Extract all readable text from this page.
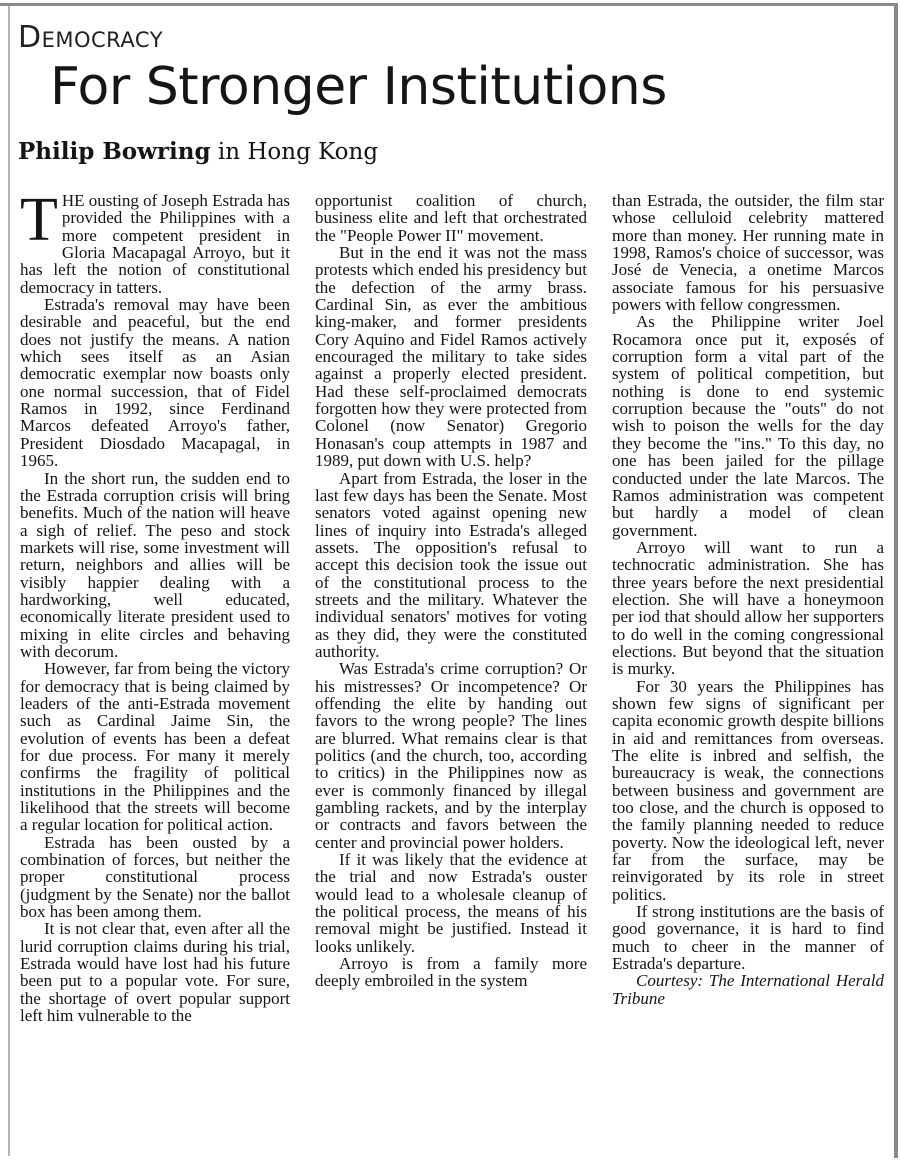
Democracy
For Stronger Institutions
Philip Bowring in Hong Kong

THE ousting of Joseph Estrada has provided the Philippines with a more competent president in Gloria Macapagal Arroyo, but it has left the notion of constitutional democracy in tatters.

Estrada's removal may have been desirable and peaceful, but the end does not justify the means. A nation which sees itself as an Asian democratic exemplar now boasts only one normal succession, that of Fidel Ramos in 1992, since Ferdinand Marcos defeated Arroyo's father, President Diosdado Macapagal, in 1965.

In the short run, the sudden end to the Estrada corruption crisis will bring benefits. Much of the nation will heave a sigh of relief. The peso and stock markets will rise, some investment will return, neighbors and allies will be visibly happier dealing with a hardworking, well educated, economically literate president used to mixing in elite circles and behaving with decorum.

However, far from being the victory for democracy that is being claimed by leaders of the anti-Estrada movement such as Cardinal Jaime Sin, the evolution of events has been a defeat for due process. For many it merely confirms the fragility of political institutions in the Philippines and the likelihood that the streets will become a regular location for political action.

Estrada has been ousted by a combination of forces, but neither the proper constitutional process (judgment by the Senate) nor the ballot box has been among them.

It is not clear that, even after all the lurid corruption claims during his trial, Estrada would have lost had his future been put to a popular vote. For sure, the shortage of overt popular support left him vulnerable to the

opportunist coalition of church, business elite and left that orchestrated the "People Power II" movement.

But in the end it was not the mass protests which ended his presidency but the defection of the army brass. Cardinal Sin, as ever the ambitious king-maker, and former presidents Cory Aquino and Fidel Ramos actively encouraged the military to take sides against a properly elected president. Had these self-proclaimed democrats forgotten how they were protected from Colonel (now Senator) Gregorio Honasan's coup attempts in 1987 and 1989, put down with U.S. help?

Apart from Estrada, the loser in the last few days has been the Senate. Most senators voted against opening new lines of inquiry into Estrada's alleged assets. The opposition's refusal to accept this decision took the issue out of the constitutional process to the streets and the military. Whatever the individual senators' motives for voting as they did, they were the constituted authority.

Was Estrada's crime corruption? Or his mistresses? Or incompetence? Or offending the elite by handing out favors to the wrong people? The lines are blurred. What remains clear is that politics (and the church, too, according to critics) in the Philippines now as ever is commonly financed by illegal gambling rackets, and by the interplay or contracts and favors between the center and provincial power holders.

If it was likely that the evidence at the trial and now Estrada's ouster would lead to a wholesale cleanup of the political process, the means of his removal might be justified. Instead it looks unlikely.

Arroyo is from a family more deeply embroiled in the system

than Estrada, the outsider, the film star whose celluloid celebrity mattered more than money. Her running mate in 1998, Ramos's choice of successor, was José de Venecia, a onetime Marcos associate famous for his persuasive powers with fellow congressmen.

As the Philippine writer Joel Rocamora once put it, exposés of corruption form a vital part of the system of political competition, but nothing is done to end systemic corruption because the "outs" do not wish to poison the wells for the day they become the "ins." To this day, no one has been jailed for the pillage conducted under the late Marcos. The Ramos administration was competent but hardly a model of clean government.

Arroyo will want to run a technocratic administration. She has three years before the next presidential election. She will have a honeymoon per iod that should allow her supporters to do well in the coming congressional elections. But beyond that the situation is murky.

For 30 years the Philippines has shown few signs of significant per capita economic growth despite billions in aid and remittances from overseas. The elite is inbred and selfish, the bureaucracy is weak, the connections between business and government are too close, and the church is opposed to the family planning needed to reduce poverty. Now the ideological left, never far from the surface, may be reinvigorated by its role in street politics.

If strong institutions are the basis of good governance, it is hard to find much to cheer in the manner of Estrada's departure.

Courtesy: The International Herald Tribune
